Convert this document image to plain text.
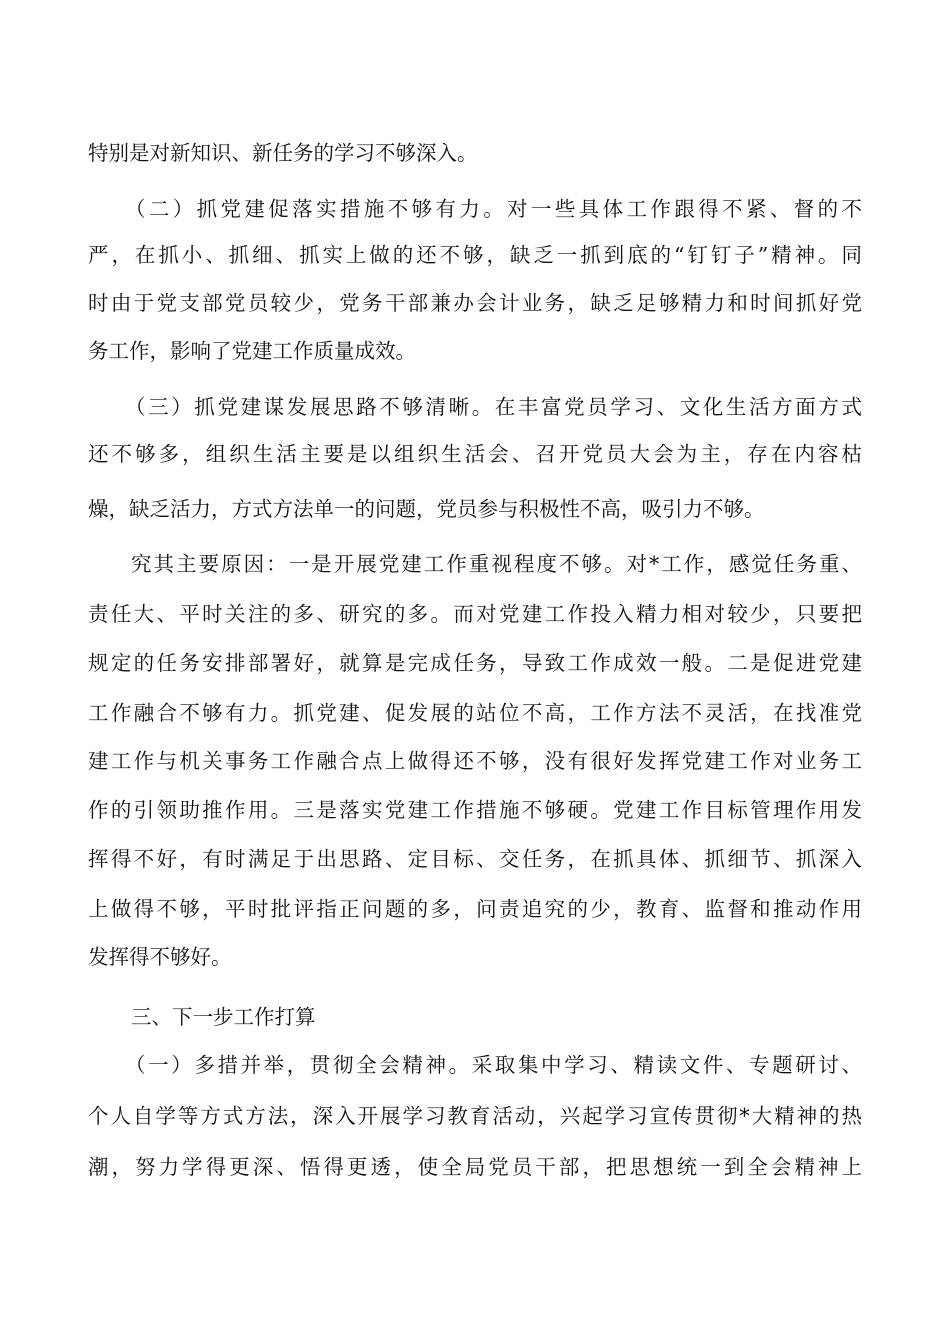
特别是对新知识、新任务的学习不够深入。
（二）抓党建促落实措施不够有力。对一些具体工作跟得不紧、督的不
严，在抓小、抓细、抓实上做的还不够，缺乏一抓到底的“钉钉子”精神。同
时由于党支部党员较少，党务干部兼办会计业务，缺乏足够精力和时间抓好党
务工作，影响了党建工作质量成效。
（三）抓党建谋发展思路不够清晰。在丰富党员学习、文化生活方面方式
还不够多，组织生活主要是以组织生活会、召开党员大会为主，存在内容枯
燥，缺乏活力，方式方法单一的问题，党员参与积极性不高，吸引力不够。
究其主要原因：一是开展党建工作重视程度不够。对*工作，感觉任务重、
责任大、平时关注的多、研究的多。而对党建工作投入精力相对较少，只要把
规定的任务安排部署好，就算是完成任务，导致工作成效一般。二是促进党建
工作融合不够有力。抓党建、促发展的站位不高，工作方法不灵活，在找准党
建工作与机关事务工作融合点上做得还不够，没有很好发挥党建工作对业务工
作的引领助推作用。三是落实党建工作措施不够硬。党建工作目标管理作用发
挥得不好，有时满足于出思路、定目标、交任务，在抓具体、抓细节、抓深入
上做得不够，平时批评指正问题的多，问责追究的少，教育、监督和推动作用
发挥得不够好。
三、下一步工作打算
（一）多措并举，贯彻全会精神。采取集中学习、精读文件、专题研讨、
个人自学等方式方法，深入开展学习教育活动，兴起学习宣传贯彻*大精神的热
潮，努力学得更深、悟得更透，使全局党员干部，把思想统一到全会精神上
